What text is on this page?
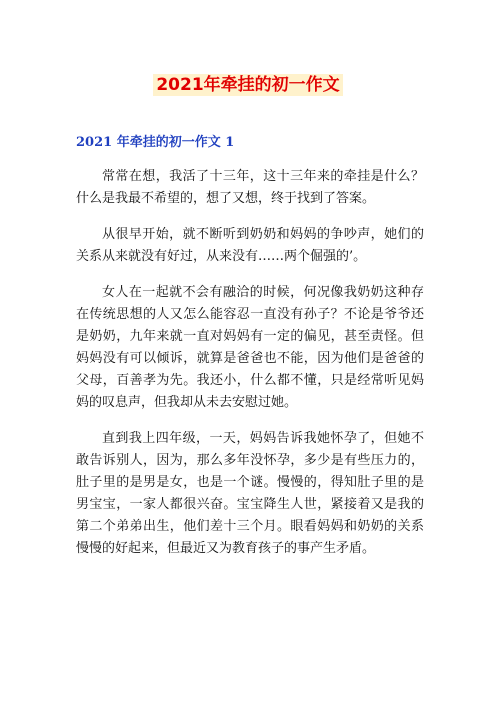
2021年牵挂的初一作文
2021 年牵挂的初一作文 1

常常在想，我活了十三年，这十三年来的牵挂是什么？什么是我最不希望的，想了又想，终于找到了答案。

从很早开始，就不断听到奶奶和妈妈的争吵声，她们的关系从来就没有好过，从来没有……两个倔强的’。

女人在一起就不会有融洽的时候，何况像我奶奶这种存在传统思想的人又怎么能容忍一直没有孙子？不论是爷爷还是奶奶，九年来就一直对妈妈有一定的偏见，甚至责怪。但妈妈没有可以倾诉，就算是爸爸也不能，因为他们是爸爸的父母，百善孝为先。我还小，什么都不懂，只是经常听见妈妈的叹息声，但我却从未去安慰过她。

直到我上四年级，一天，妈妈告诉我她怀孕了，但她不敢告诉别人，因为，那么多年没怀孕，多少是有些压力的，肚子里的是男是女，也是一个谜。慢慢的，得知肚子里的是男宝宝，一家人都很兴奋。宝宝降生人世，紧接着又是我的第二个弟弟出生，他们差十三个月。眼看妈妈和奶奶的关系慢慢的好起来，但最近又为教育孩子的事产生矛盾。
